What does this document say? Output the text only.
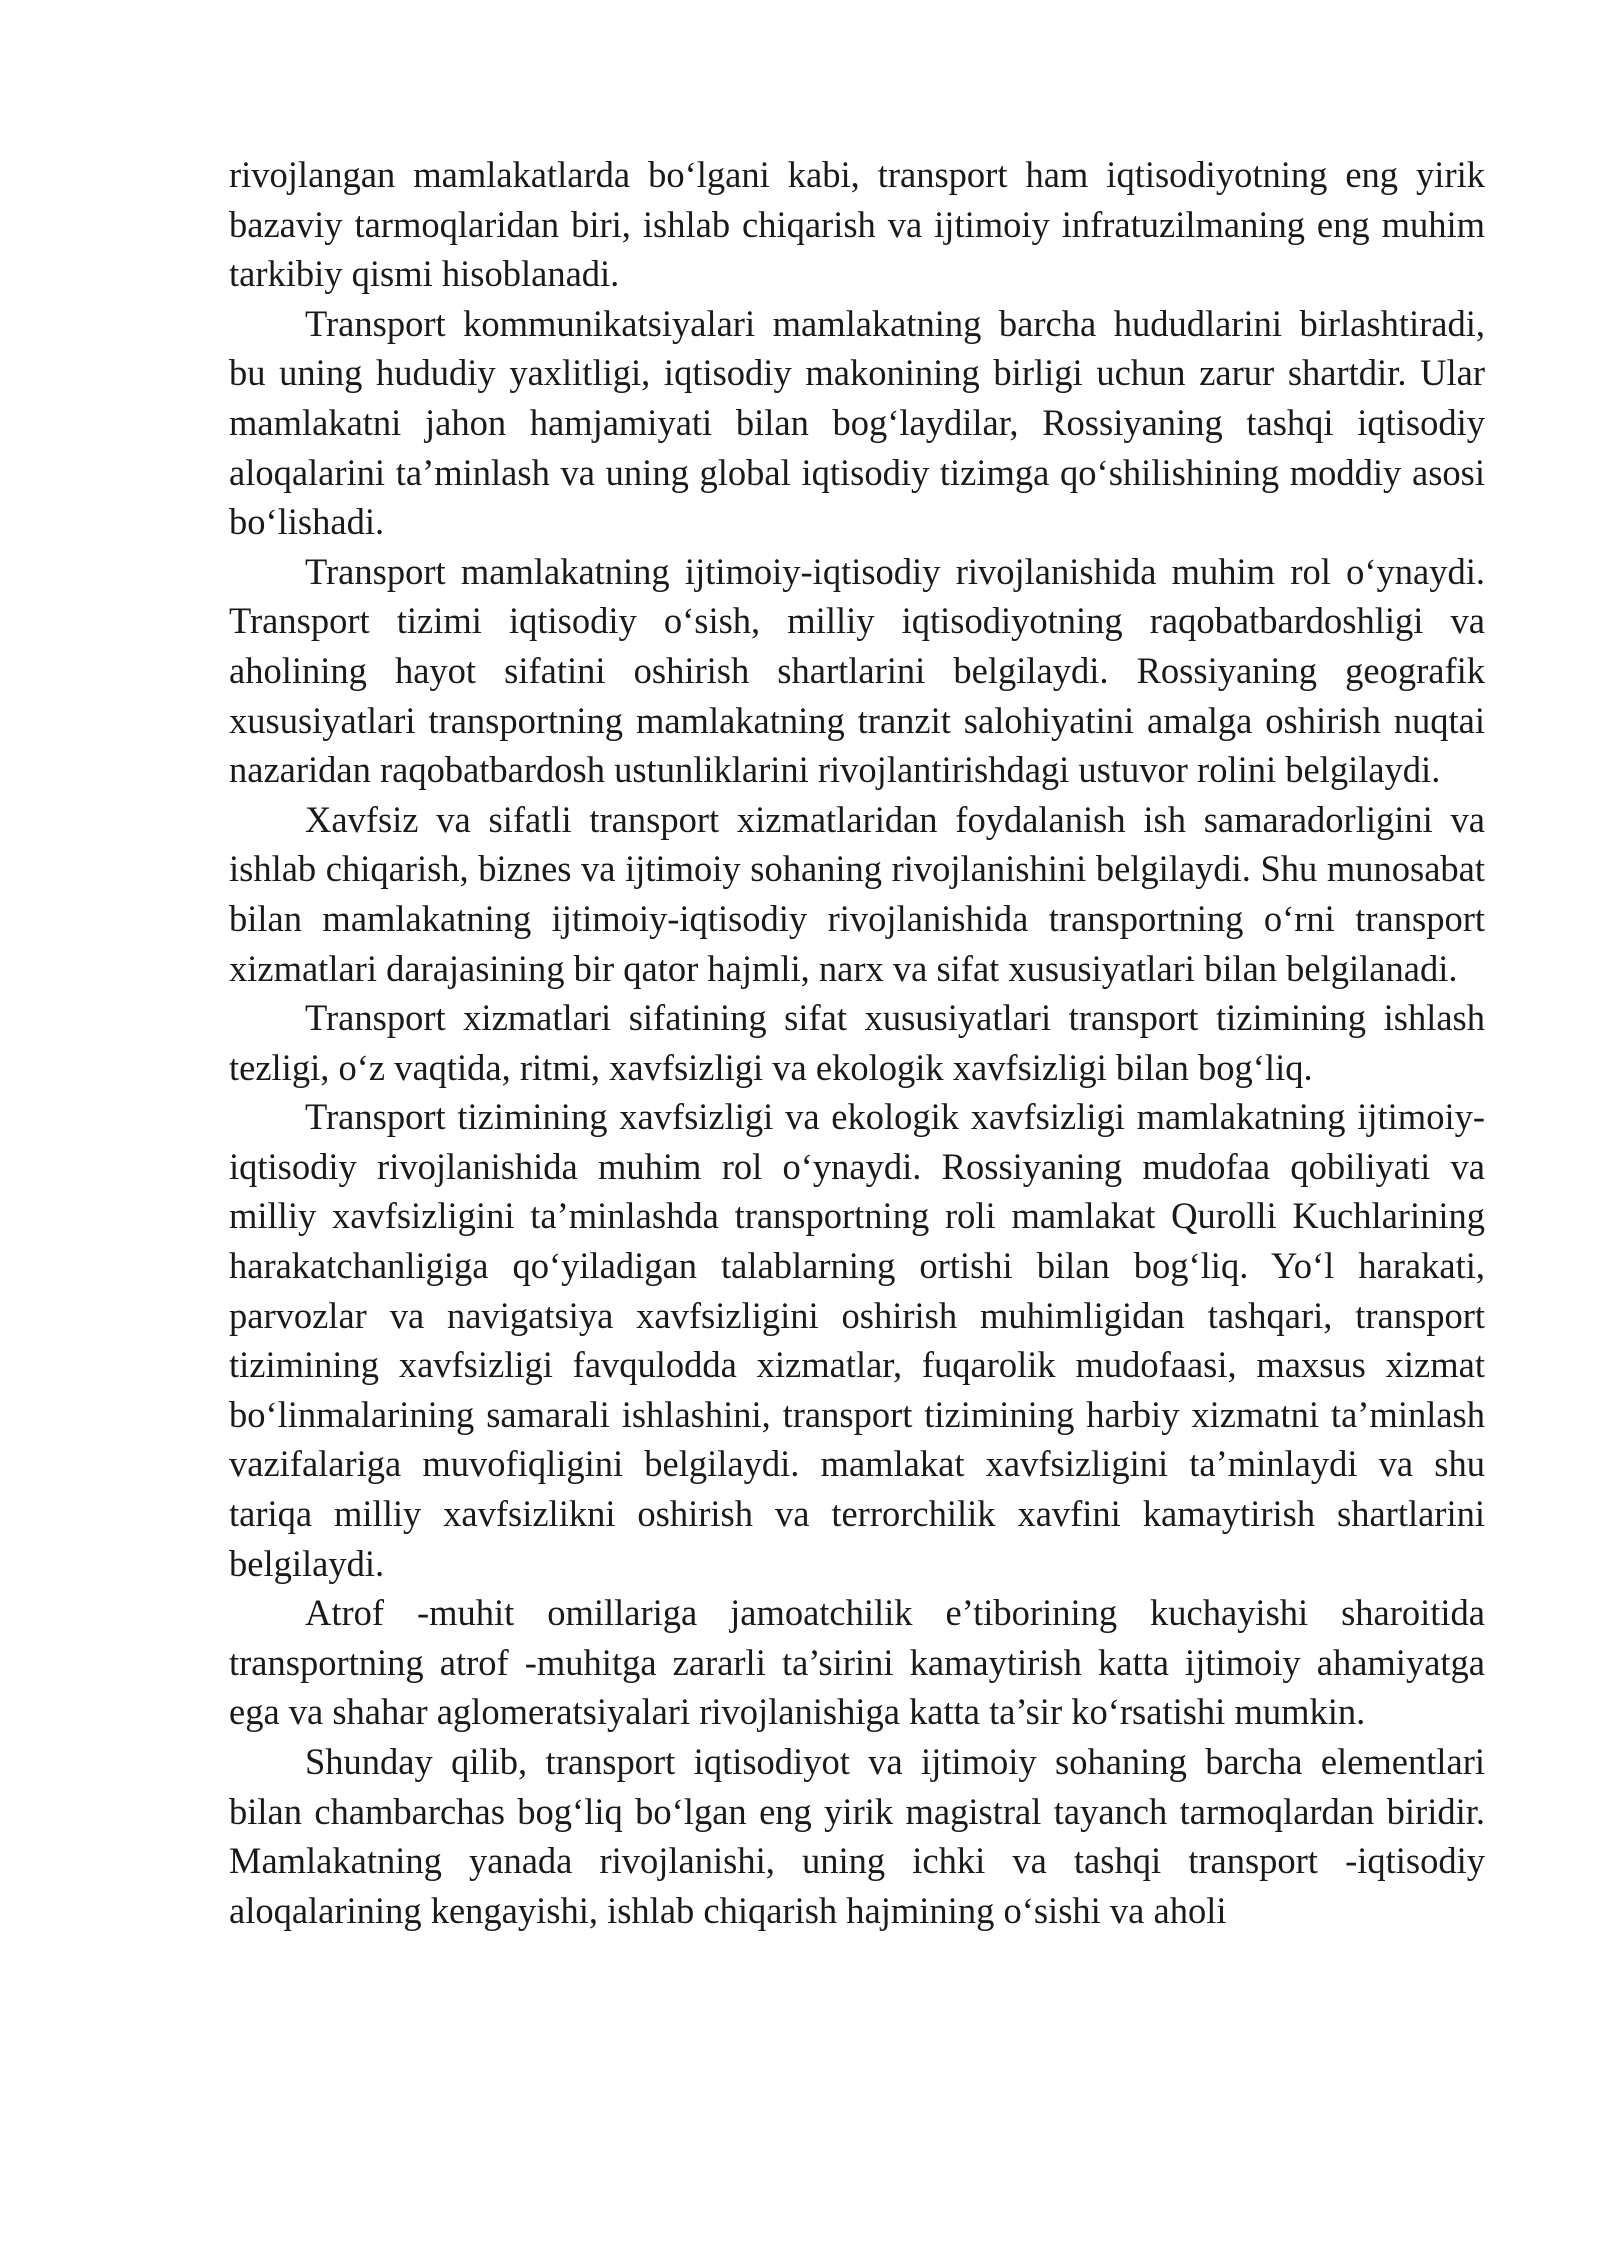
rivojlangan mamlakatlarda bo‘lgani kabi, transport ham iqtisodiyotning eng yirik bazaviy tarmoqlaridan biri, ishlab chiqarish va ijtimoiy infratuzilmaning eng muhim tarkibiy qismi hisoblanadi.

Transport kommunikatsiyalari mamlakatning barcha hududlarini birlashtiradi, bu uning hududiy yaxlitligi, iqtisodiy makonining birligi uchun zarur shartdir. Ular mamlakatni jahon hamjamiyati bilan bog‘laydilar, Rossiyaning tashqi iqtisodiy aloqalarini ta’minlash va uning global iqtisodiy tizimga qo‘shilishining moddiy asosi bo‘lishadi.

Transport mamlakatning ijtimoiy-iqtisodiy rivojlanishida muhim rol o‘ynaydi. Transport tizimi iqtisodiy o‘sish, milliy iqtisodiyotning raqobatbardoshligi va aholining hayot sifatini oshirish shartlarini belgilaydi. Rossiyaning geografik xususiyatlari transportning mamlakatning tranzit salohiyatini amalga oshirish nuqtai nazaridan raqobatbardosh ustunliklarini rivojlantirishdagi ustuvor rolini belgilaydi.

Xavfsiz va sifatli transport xizmatlaridan foydalanish ish samaradorligini va ishlab chiqarish, biznes va ijtimoiy sohaning rivojlanishini belgilaydi. Shu munosabat bilan mamlakatning ijtimoiy-iqtisodiy rivojlanishida transportning o‘rni transport xizmatlari darajasining bir qator hajmli, narx va sifat xususiyatlari bilan belgilanadi.

Transport xizmatlari sifatining sifat xususiyatlari transport tizimining ishlash tezligi, o‘z vaqtida, ritmi, xavfsizligi va ekologik xavfsizligi bilan bog‘liq.

Transport tizimining xavfsizligi va ekologik xavfsizligi mamlakatning ijtimoiy-iqtisodiy rivojlanishida muhim rol o‘ynaydi. Rossiyaning mudofaa qobiliyati va milliy xavfsizligini ta’minlashda transportning roli mamlakat Qurolli Kuchlarining harakatchanligiga qo‘yiladigan talablarning ortishi bilan bog‘liq. Yo‘l harakati, parvozlar va navigatsiya xavfsizligini oshirish muhimligidan tashqari, transport tizimining xavfsizligi favqulodda xizmatlar, fuqarolik mudofaasi, maxsus xizmat bo‘linmalarining samarali ishlashini, transport tizimining harbiy xizmatni ta’minlash vazifalariga muvofiqligini belgilaydi. mamlakat xavfsizligini ta’minlaydi va shu tariqa milliy xavfsizlikni oshirish va terrorchilik xavfini kamaytirish shartlarini belgilaydi.

Atrof -muhit omillariga jamoatchilik e’tiborining kuchayishi sharoitida transportning atrof -muhitga zararli ta’sirini kamaytirish katta ijtimoiy ahamiyatga ega va shahar aglomeratsiyalari rivojlanishiga katta ta’sir ko‘rsatishi mumkin.

Shunday qilib, transport iqtisodiyot va ijtimoiy sohaning barcha elementlari bilan chambarchas bog‘liq bo‘lgan eng yirik magistral tayanch tarmoqlardan biridir. Mamlakatning yanada rivojlanishi, uning ichki va tashqi transport -iqtisodiy aloqalarining kengayishi, ishlab chiqarish hajmining o‘sishi va aholi
